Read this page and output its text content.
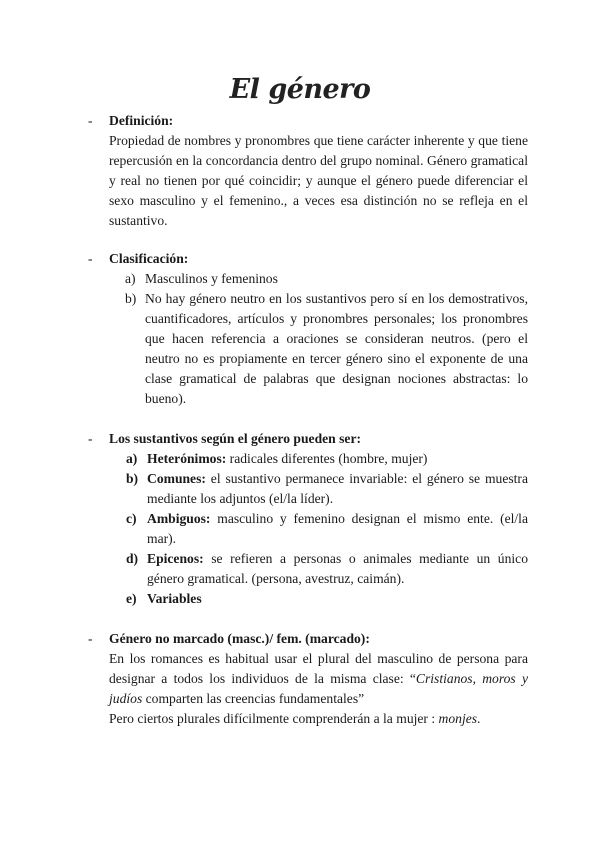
El género
-	Definición:
Propiedad de nombres y pronombres que tiene carácter inherente y que tiene repercusión en la concordancia dentro del grupo nominal. Género gramatical y real no tienen por qué coincidir; y aunque el género puede diferenciar el sexo masculino y el femenino., a veces esa distinción no se refleja en el sustantivo.
-	Clasificación:
a) Masculinos y femeninos
b) No hay género neutro en los sustantivos pero sí en los demostrativos, cuantificadores, artículos y pronombres personales; los pronombres que hacen referencia a oraciones se consideran neutros. (pero el neutro no es propiamente en tercer género sino el exponente de una clase gramatical de palabras que designan nociones abstractas: lo bueno).
-	Los sustantivos según el género pueden ser:
a) Heterónimos: radicales diferentes (hombre, mujer)
b) Comunes: el sustantivo permanece invariable: el género se muestra mediante los adjuntos (el/la líder).
c) Ambiguos: masculino y femenino designan el mismo ente. (el/la mar).
d) Epicenos: se refieren a personas o animales mediante un único género gramatical. (persona, avestruz, caimán).
e) Variables
-	Género no marcado (masc.)/ fem. (marcado):

En los romances es habitual usar el plural del masculino de persona para designar a todos los individuos de la misma clase: “Cristianos, moros y judíos comparten las creencias fundamentales”

Pero ciertos plurales difícilmente comprenderán a la mujer : monjes.
